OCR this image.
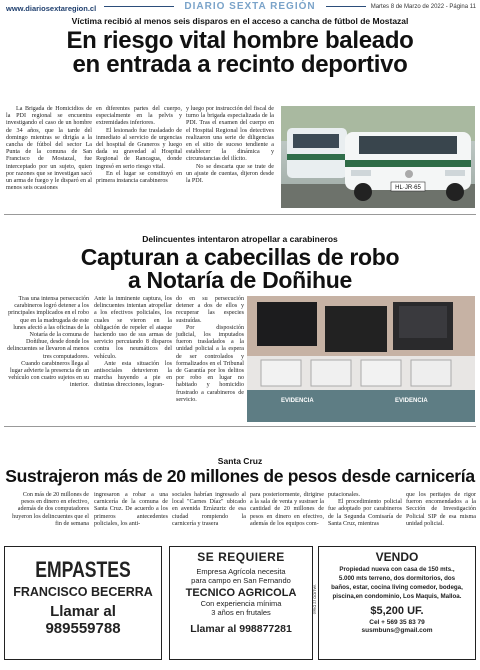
www.diariosextaregion.cl	DIARIO SEXTA REGIÓN	Martes 8 de Marzo de 2022 - Página 11
Víctima recibió al menos seis disparos en el acceso a cancha de fútbol de Mostazal
En riesgo vital hombre baleado
en entrada a recinto deportivo

La Brigada de Homicidios de la PDI regional se encuentra investigando el caso de un hombre de 34 años, que la tarde del domingo mientras se dirigía a la cancha de fútbol del sector La Punta de la comuna de San Francisco de Mostazal, fue interceptado por un sujeto, quien por razones que se investigan sacó un arma de fuego y le disparó en al menos seis ocasiones

en diferentes partes del cuerpo, especialmente en la pelvis y extremidades inferiores.

El lesionado fue trasladado de inmediato al servicio de urgencias del hospital de Graneros y luego dada su gravedad al Hospital Regional de Rancagua, donde ingresó en serio riesgo vital.

En el lugar se constituyó en primera instancia carabineros

y luego por instrucción del fiscal de turno la brigada especializada de la PDI. Tras el examen del cuerpo en el Hospital Regional los detectives realizaron una serie de diligencias en el sitio de suceso tendiente a establecer la dinámica y circunstancias del ilícito.

No se descarta que se trate de un ajuste de cuentas, dijeron desde la PDI.

HL·JR·65
Delincuentes intentaron atropellar a carabineros
Capturan a cabecillas de robo
a Notaría de Doñihue

Tras una intensa persecución carabineros logró detener a los principales implicados en el robo que en la madrugada de este lunes afectó a las oficinas de la Notaría de la comuna de Doñihue, desde donde los delincuentes se llevaron al menos tres computadores.

Cuando carabineros llega al lugar advierte la presencia de un vehículo con cuatro sujetos en su interior.

Ante la inminente captura, los delincuentes intentan atropellar a los efectivos policiales, los cuales se vieron en la obligación de repeler el ataque haciendo uso de sus armas de servicio percutando 8 disparos contra los neumáticos del vehículo.

Ante esta situación los antisociales detuvieron la marcha huyendo a pie en distintas direcciones, logran-

do en su persecución detener a dos de ellos y recuperar las especies sustraídas.

Por disposición judicial, los imputados fueron trasladados a la unidad policial a la espera de ser controlados y formalizados en el Tribunal de Garantía por los delitos por robo en lugar no habitado y homicidio frustrado a carabineros de servicio.	EVIDENCIA	EVIDENCIA
Santa Cruz
Sustrajeron más de 20 millones de pesos desde carnicería

Con más de 20 millones de pesos en dinero en efectivo, además de dos computadores huyeron los delincuentes que el fin de semana

ingresaron a robar a una carnicería de la comuna de Santa Cruz. De acuerdo a los primeros antecedentes policiales, los anti-

sociales habrían ingresado al local "Carnes Díaz" ubicado en avenida Errázuriz de esa ciudad rompiendo la carnicería y trasera

para posteriormente, dirigirse a la sala de venta y sustraer la cantidad de 20 millones de pesos en dinero en efectivo, además de los equipos com-

putacionales.

El procedimiento policial fue adoptado por carabineros de la Segunda Comisaría de Santa Cruz, mientras

que los peritajes de rigor fueron encomendados a la Sección de Investigación Policial SIP de esa misma unidad policial.

EMPASTES
FRANCISCO BECERRA
Llamar al
989559788
SE REQUIERE
Empresa Agrícola necesita
para campo en San Fernando
TECNICO AGRICOLA
Con experiencia mínima
3 años en frutales
Llamar al 998877281
VALIDO (2 Días)
VENDO
Propiedad nueva con casa de 150 mts.,
5.000 mts terreno, dos dormitorios, dos
baños, estar, cocina living comedor, bodega,
piscina,en condominio, Los Maquis, Malloa.
$5,200 UF.
Cel + 569 35 83 79
susmbuns@gmail.com
